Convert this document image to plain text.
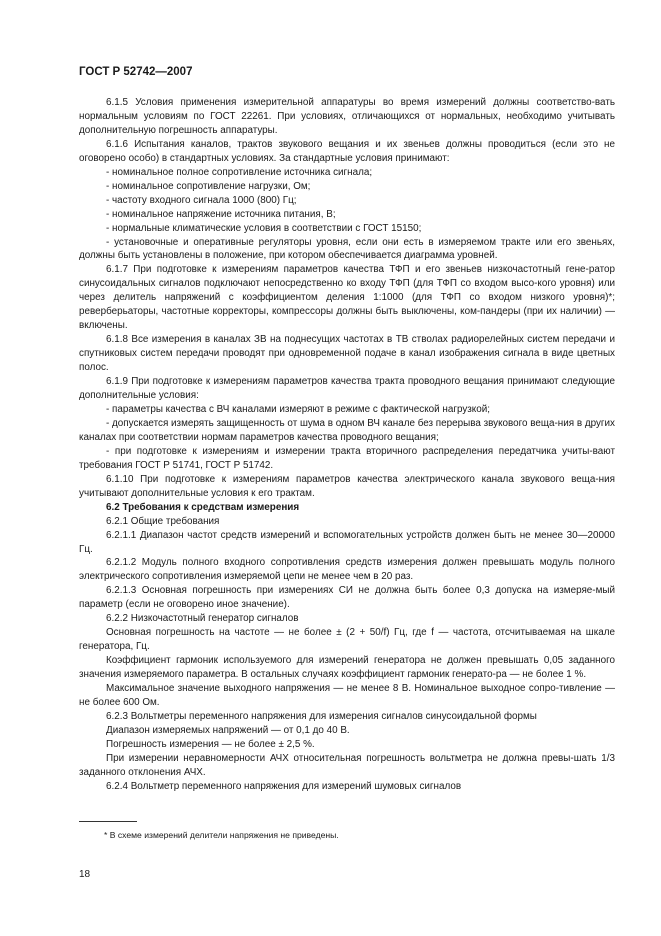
ГОСТ Р 52742—2007

6.1.5 Условия применения измерительной аппаратуры во время измерений должны соответство-вать нормальным условиям по ГОСТ 22261. При условиях, отличающихся от нормальных, необходимо учитывать дополнительную погрешность аппаратуры.

6.1.6 Испытания каналов, трактов звукового вещания и их звеньев должны проводиться (если это не оговорено особо) в стандартных условиях. За стандартные условия принимают:

- номинальное полное сопротивление источника сигнала;

- номинальное сопротивление нагрузки, Ом;

- частоту входного сигнала 1000 (800) Гц;

- номинальное напряжение источника питания, В;

- нормальные климатические условия в соответствии с ГОСТ 15150;

- установочные и оперативные регуляторы уровня, если они есть в измеряемом тракте или его звеньях, должны быть установлены в положение, при котором обеспечивается диаграмма уровней.

6.1.7 При подготовке к измерениям параметров качества ТФП и его звеньев низкочастотный гене-ратор синусоидальных сигналов подключают непосредственно ко входу ТФП (для ТФП со входом высо-кого уровня) или через делитель напряжений с коэффициентом деления 1:1000 (для ТФП со входом низкого уровня)*; реверберьаторы, частотные корректоры, компрессоры должны быть выключены, ком-пандеры (при их наличии) — включены.

6.1.8 Все измерения в каналах ЗВ на поднесущих частотах в ТВ стволах радиорелейных систем передачи и спутниковых систем передачи проводят при одновременной подаче в канал изображения сигнала в виде цветных полос.

6.1.9 При подготовке к измерениям параметров качества тракта проводного вещания принимают следующие дополнительные условия:

- параметры качества с ВЧ каналами измеряют в режиме с фактической нагрузкой;

- допускается измерять защищенность от шума в одном ВЧ канале без перерыва звукового веща-ния в других каналах при соответствии нормам параметров качества проводного вещания;

- при подготовке к измерениям и измерении тракта вторичного распределения передатчика учиты-вают требования ГОСТ Р 51741, ГОСТ Р 51742.

6.1.10 При подготовке к измерениям параметров качества электрического канала звукового веща-ния учитывают дополнительные условия к его трактам.

6.2 Требования к средствам измерения

6.2.1 Общие требования

6.2.1.1 Диапазон частот средств измерений и вспомогательных устройств должен быть не менее 30—20000 Гц.

6.2.1.2 Модуль полного входного сопротивления средств измерения должен превышать модуль полного электрического сопротивления измеряемой цепи не менее чем в 20 раз.

6.2.1.3 Основная погрешность при измерениях СИ не должна быть более 0,3 допуска на измеряе-мый параметр (если не оговорено иное значение).

6.2.2 Низкочастотный генератор сигналов

Основная погрешность на частоте — не более ± (2 + 50/f) Гц, где f — частота, отсчитываемая на шкале генератора, Гц.

Коэффициент гармоник используемого для измерений генератора не должен превышать 0,05 заданного значения измеряемого параметра. В остальных случаях коэффициент гармоник генерато-ра — не более 1 %.

Максимальное значение выходного напряжения — не менее 8 В. Номинальное выходное сопро-тивление — не более 600 Ом.

6.2.3 Вольтметры переменного напряжения для измерения сигналов синусоидальной формы

Диапазон измеряемых напряжений — от 0,1 до 40 В.

Погрешность измерения — не более ± 2,5 %.

При измерении неравномерности АЧХ относительная погрешность вольтметра не должна превы-шать 1/3 заданного отклонения АЧХ.

6.2.4 Вольтметр переменного напряжения для измерений шумовых сигналов

* В схеме измерений делители напряжения не приведены.
18
